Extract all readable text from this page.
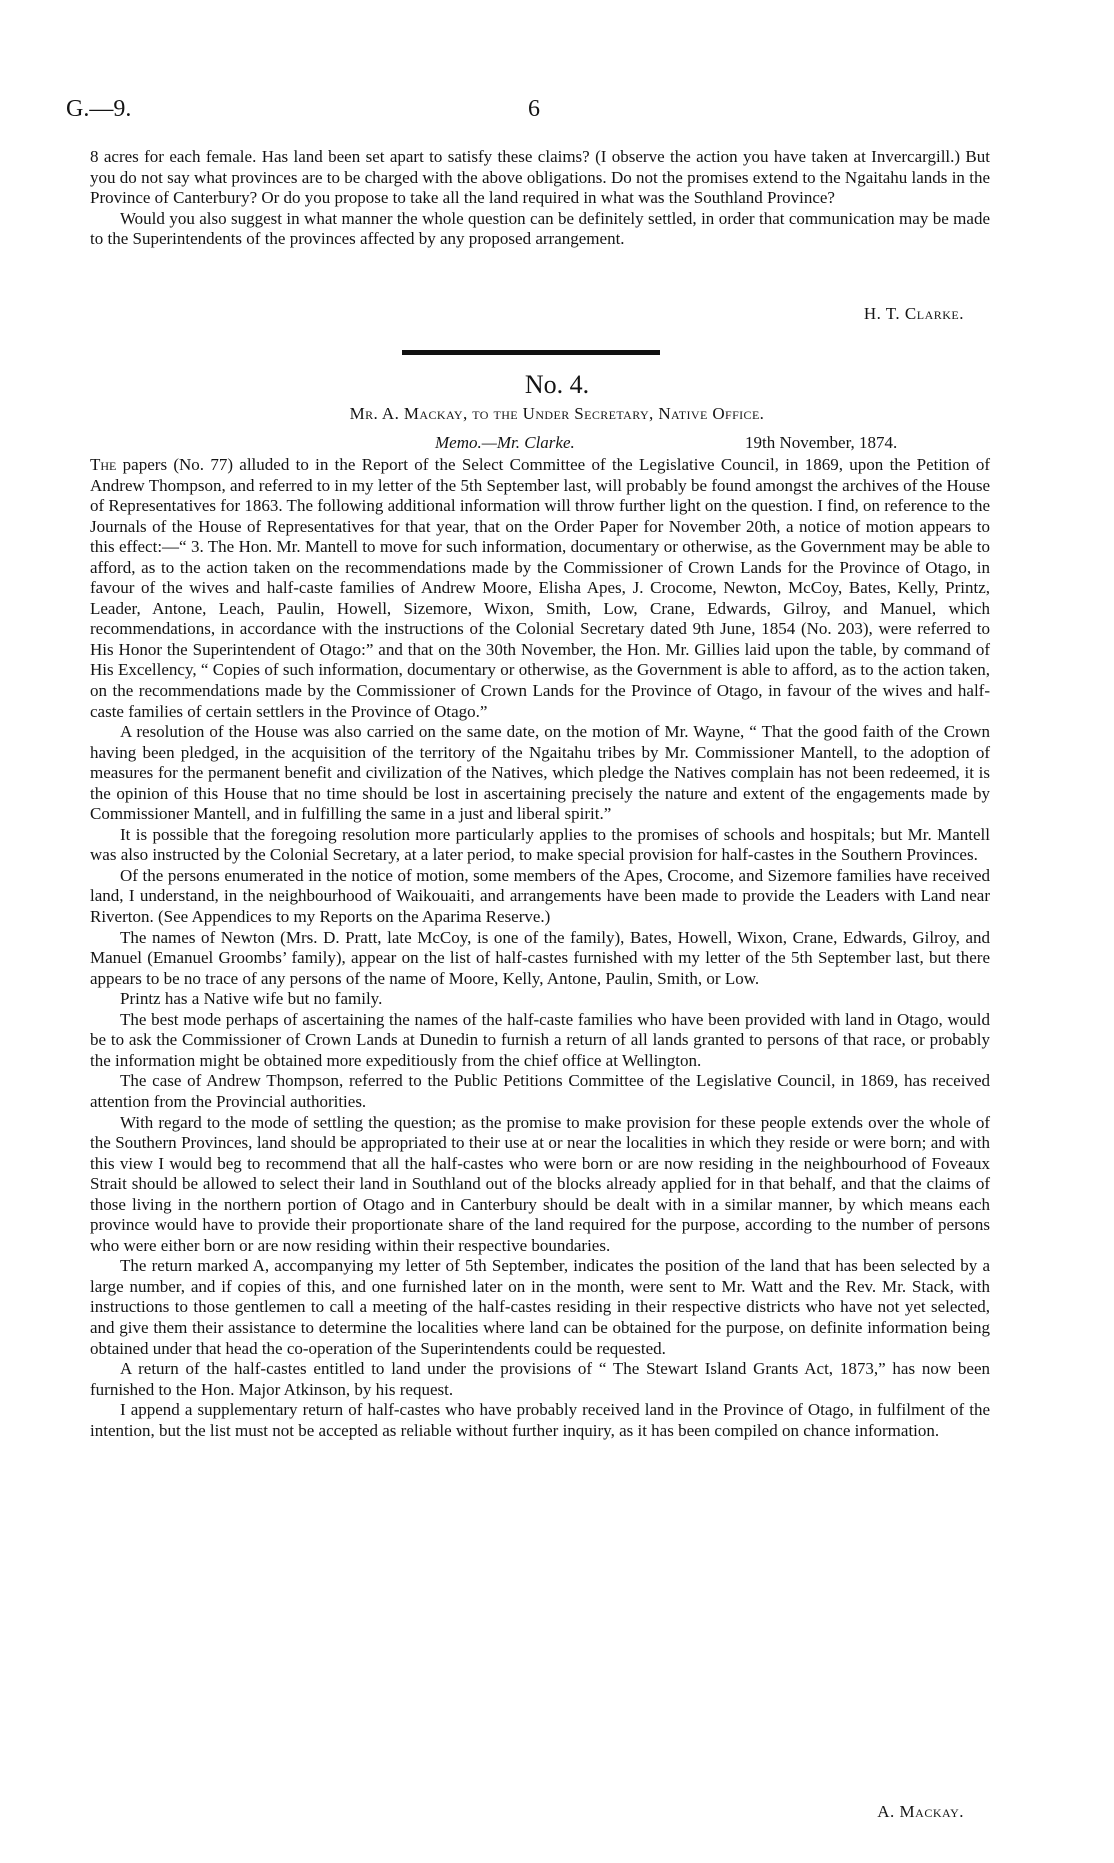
G.—9.	6

8 acres for each female. Has land been set apart to satisfy these claims? (I observe the action you have taken at Invercargill.) But you do not say what provinces are to be charged with the above obligations. Do not the promises extend to the Ngaitahu lands in the Province of Canterbury? Or do you propose to take all the land required in what was the Southland Province?

Would you also suggest in what manner the whole question can be definitely settled, in order that communication may be made to the Superintendents of the provinces affected by any proposed arrangement.

H. T. Clarke.

No. 4.
Mr. A. Mackay, to the Under Secretary, Native Office.
Memo.—Mr. Clarke.	19th November, 1874.

The papers (No. 77) alluded to in the Report of the Select Committee of the Legislative Council, in 1869, upon the Petition of Andrew Thompson, and referred to in my letter of the 5th September last, will probably be found amongst the archives of the House of Representatives for 1863. The following additional information will throw further light on the question. I find, on reference to the Journals of the House of Representatives for that year, that on the Order Paper for November 20th, a notice of motion appears to this effect:—“ 3. The Hon. Mr. Mantell to move for such information, documentary or otherwise, as the Government may be able to afford, as to the action taken on the recommendations made by the Commissioner of Crown Lands for the Province of Otago, in favour of the wives and half-caste families of Andrew Moore, Elisha Apes, J. Crocome, Newton, McCoy, Bates, Kelly, Printz, Leader, Antone, Leach, Paulin, Howell, Sizemore, Wixon, Smith, Low, Crane, Edwards, Gilroy, and Manuel, which recommendations, in accordance with the instructions of the Colonial Secretary dated 9th June, 1854 (No. 203), were referred to His Honor the Superintendent of Otago:” and that on the 30th November, the Hon. Mr. Gillies laid upon the table, by command of His Excellency, “ Copies of such information, documentary or otherwise, as the Government is able to afford, as to the action taken, on the recommendations made by the Commissioner of Crown Lands for the Province of Otago, in favour of the wives and half-caste families of certain settlers in the Province of Otago.”

A resolution of the House was also carried on the same date, on the motion of Mr. Wayne, “ That the good faith of the Crown having been pledged, in the acquisition of the territory of the Ngaitahu tribes by Mr. Commissioner Mantell, to the adoption of measures for the permanent benefit and civilization of the Natives, which pledge the Natives complain has not been redeemed, it is the opinion of this House that no time should be lost in ascertaining precisely the nature and extent of the engagements made by Commissioner Mantell, and in fulfilling the same in a just and liberal spirit.”

It is possible that the foregoing resolution more particularly applies to the promises of schools and hospitals; but Mr. Mantell was also instructed by the Colonial Secretary, at a later period, to make special provision for half-castes in the Southern Provinces.

Of the persons enumerated in the notice of motion, some members of the Apes, Crocome, and Sizemore families have received land, I understand, in the neighbourhood of Waikouaiti, and arrangements have been made to provide the Leaders with Land near Riverton. (See Appendices to my Reports on the Aparima Reserve.)

The names of Newton (Mrs. D. Pratt, late McCoy, is one of the family), Bates, Howell, Wixon, Crane, Edwards, Gilroy, and Manuel (Emanuel Groombs’ family), appear on the list of half-castes furnished with my letter of the 5th September last, but there appears to be no trace of any persons of the name of Moore, Kelly, Antone, Paulin, Smith, or Low.

Printz has a Native wife but no family.

The best mode perhaps of ascertaining the names of the half-caste families who have been provided with land in Otago, would be to ask the Commissioner of Crown Lands at Dunedin to furnish a return of all lands granted to persons of that race, or probably the information might be obtained more expeditiously from the chief office at Wellington.

The case of Andrew Thompson, referred to the Public Petitions Committee of the Legislative Council, in 1869, has received attention from the Provincial authorities.

With regard to the mode of settling the question; as the promise to make provision for these people extends over the whole of the Southern Provinces, land should be appropriated to their use at or near the localities in which they reside or were born; and with this view I would beg to recommend that all the half-castes who were born or are now residing in the neighbourhood of Foveaux Strait should be allowed to select their land in Southland out of the blocks already applied for in that behalf, and that the claims of those living in the northern portion of Otago and in Canterbury should be dealt with in a similar manner, by which means each province would have to provide their proportionate share of the land required for the purpose, according to the number of persons who were either born or are now residing within their respective boundaries.

The return marked A, accompanying my letter of 5th September, indicates the position of the land that has been selected by a large number, and if copies of this, and one furnished later on in the month, were sent to Mr. Watt and the Rev. Mr. Stack, with instructions to those gentlemen to call a meeting of the half-castes residing in their respective districts who have not yet selected, and give them their assistance to determine the localities where land can be obtained for the purpose, on definite information being obtained under that head the co-operation of the Superintendents could be requested.

A return of the half-castes entitled to land under the provisions of “ The Stewart Island Grants Act, 1873,” has now been furnished to the Hon. Major Atkinson, by his request.

I append a supplementary return of half-castes who have probably received land in the Province of Otago, in fulfilment of the intention, but the list must not be accepted as reliable without further inquiry, as it has been compiled on chance information.

A. Mackay.
